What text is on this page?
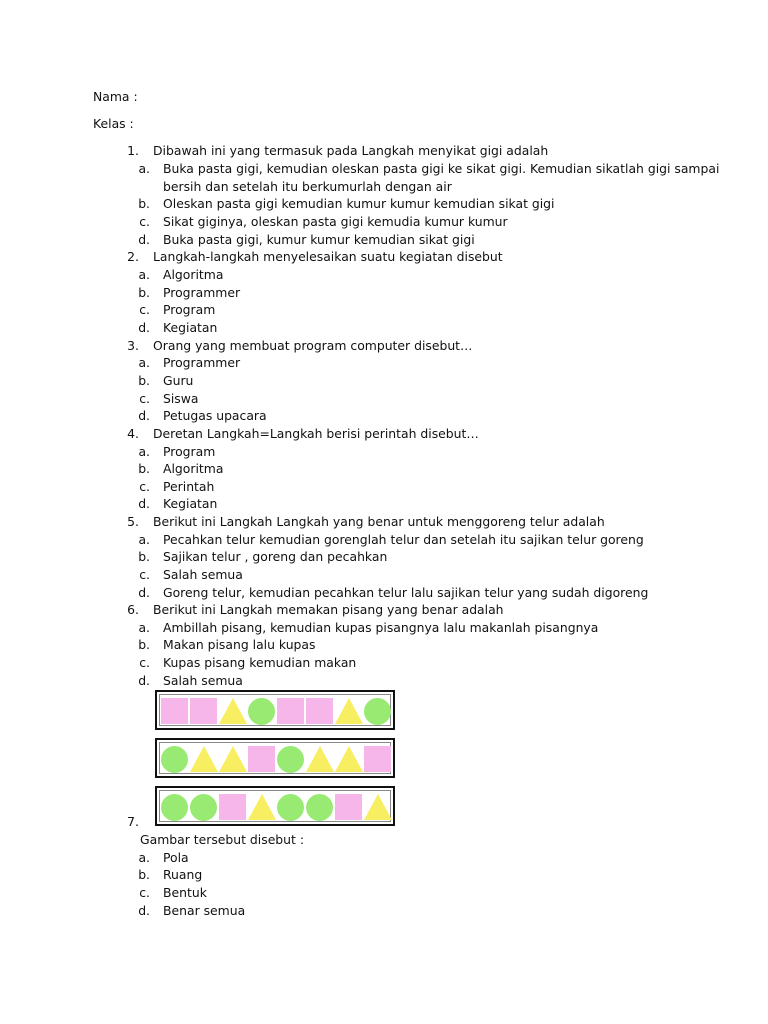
Nama :
Kelas :
1. Dibawah ini yang termasuk pada Langkah menyikat gigi adalah
a. Buka pasta gigi, kemudian oleskan pasta gigi ke sikat gigi. Kemudian sikatlah gigi sampai
bersih dan setelah itu berkumurlah dengan air
b. Oleskan pasta gigi kemudian kumur kumur kemudian sikat gigi
c. Sikat giginya, oleskan pasta gigi kemudia kumur kumur
d. Buka pasta gigi, kumur kumur kemudian sikat gigi
2. Langkah-langkah menyelesaikan suatu kegiatan disebut
a. Algoritma
b. Programmer
c. Program
d. Kegiatan
3. Orang yang membuat program computer disebut…
a. Programmer
b. Guru
c. Siswa
d. Petugas upacara
4. Deretan Langkah=Langkah berisi perintah disebut…
a. Program
b. Algoritma
c. Perintah
d. Kegiatan
5. Berikut ini Langkah Langkah yang benar untuk menggoreng telur adalah
a. Pecahkan telur kemudian gorenglah telur dan setelah itu sajikan telur goreng
b. Sajikan telur , goreng dan pecahkan
c. Salah semua
d. Goreng telur, kemudian pecahkan telur lalu sajikan telur yang sudah digoreng
6. Berikut ini Langkah memakan pisang yang benar adalah
a. Ambillah pisang, kemudian kupas pisangnya lalu makanlah pisangnya
b. Makan pisang lalu kupas
c. Kupas pisang kemudian makan
d. Salah semua
7.
Gambar tersebut disebut :
a. Pola
b. Ruang
c. Bentuk
d. Benar semua
